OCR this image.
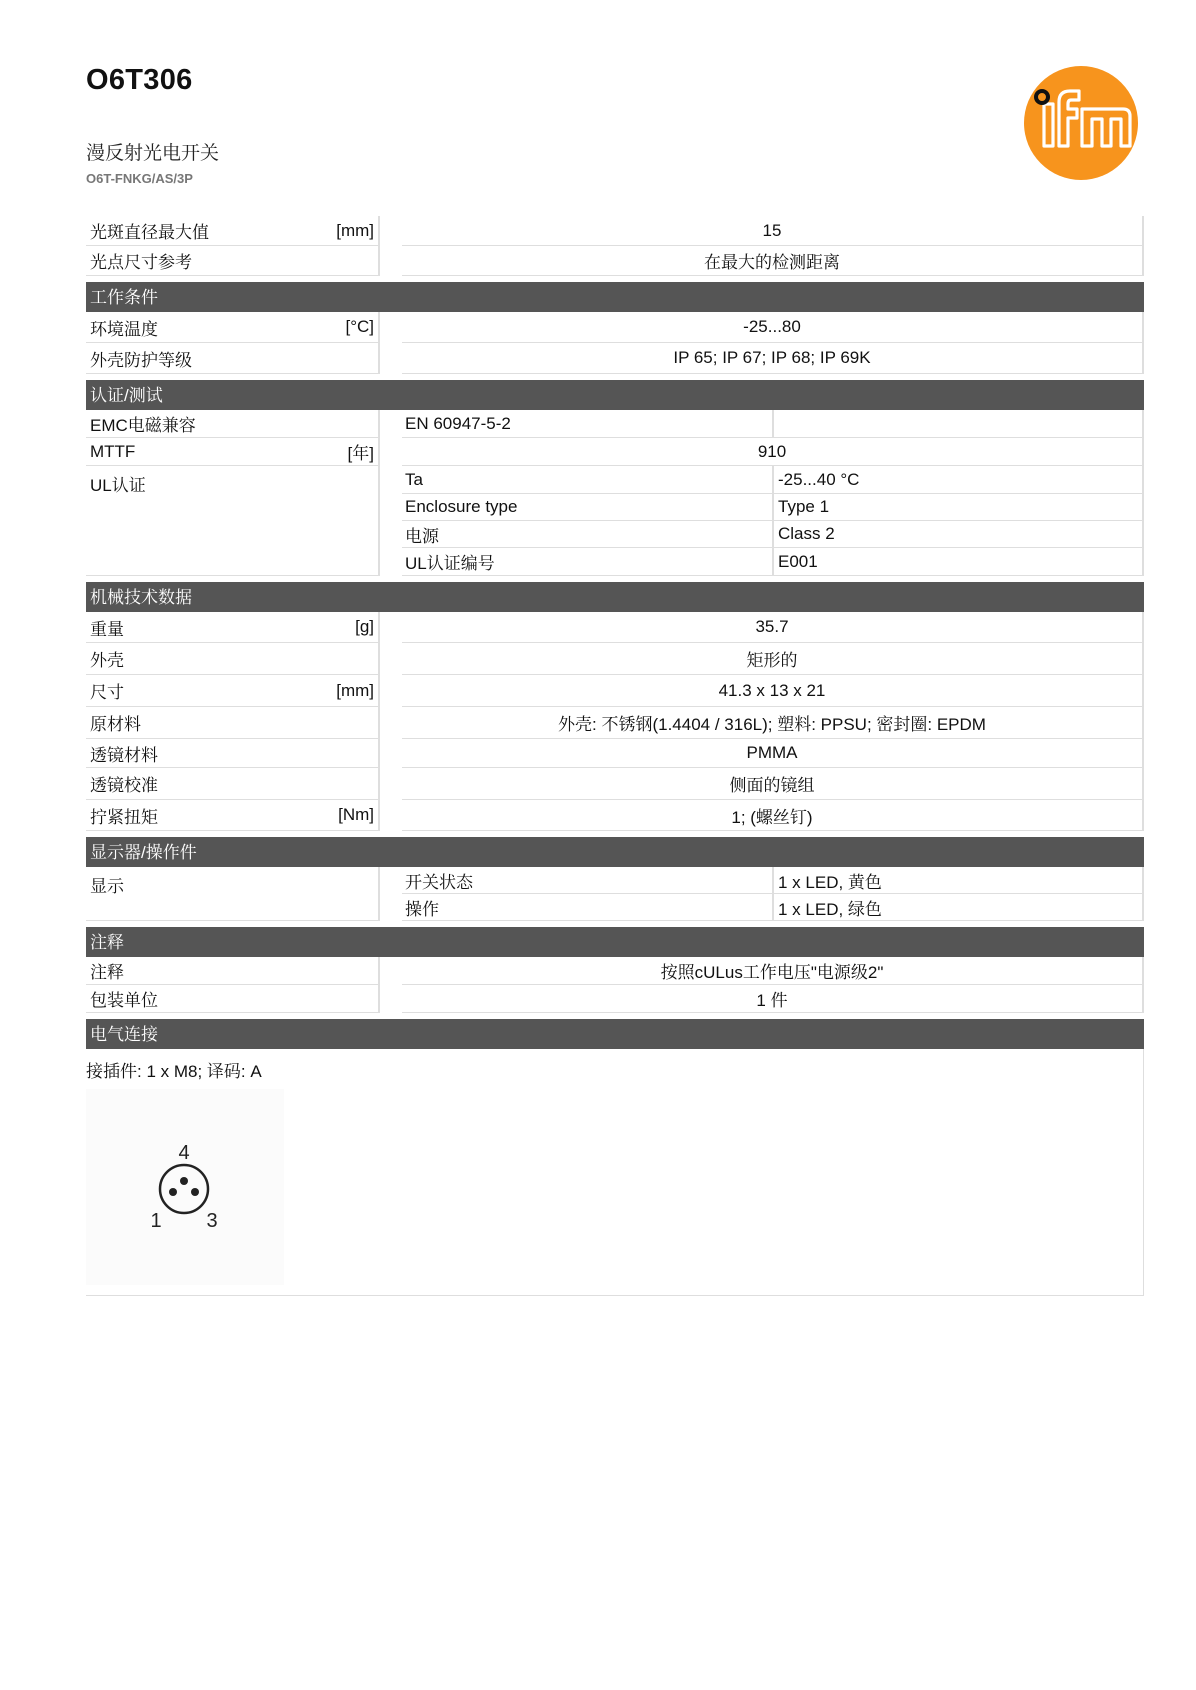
O6T306
漫反射光电开关
O6T-FNKG/AS/3P
光斑直径最大值	[mm]	15
光点尺寸参考	在最大的检测距离
工作条件
环境温度	[°C]	-25...80
外壳防护等级	IP 65; IP 67; IP 68; IP 69K
认证/测试
EMC电磁兼容	EN 60947-5-2
MTTF	[年]	910
UL认证	Ta	-25...40 °C
Enclosure type	Type 1
电源	Class 2
UL认证编号	E001
机械技术数据
重量	[g]	35.7
外壳	矩形的
尺寸	[mm]	41.3 x 13 x 21
原材料	外壳: 不锈钢(1.4404 / 316L); 塑料: PPSU; 密封圈: EPDM
透镜材料	PMMA
透镜校准	侧面的镜组
拧紧扭矩	[Nm]	1; (螺丝钉)
显示器/操作件
显示	开关状态	1 x LED, 黄色
操作	1 x LED, 绿色
注释
注释	按照cULus工作电压"电源级2"
包装单位	1 件
电气连接
接插件: 1 x M8; 译码: A
4
1 3
